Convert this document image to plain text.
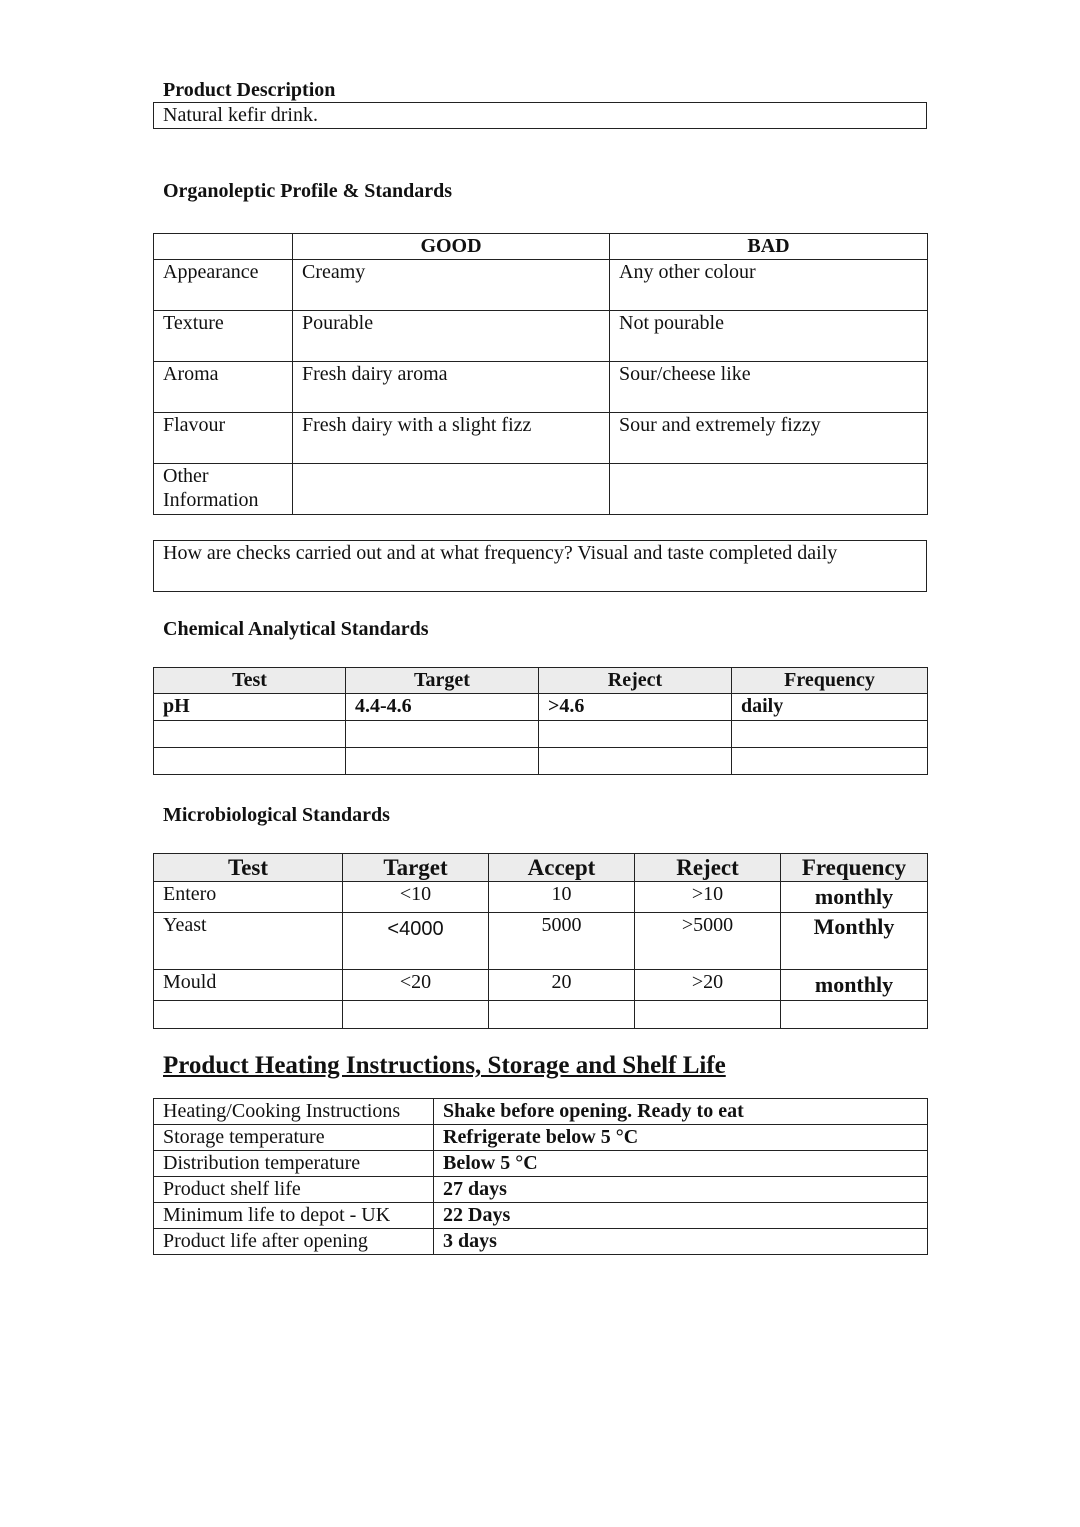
Product Description
Natural kefir drink.
Organoleptic Profile & Standards
	GOOD	BAD
Appearance	Creamy	Any other colour
Texture	Pourable	Not pourable
Aroma	Fresh dairy aroma	Sour/cheese like
Flavour	Fresh dairy with a slight fizz	Sour and extremely fizzy
Other Information		
How are checks carried out and at what frequency? Visual and taste completed daily
Chemical Analytical Standards
Test	Target	Reject	Frequency
pH	4.4-4.6	>4.6	daily

Microbiological Standards
Test	Target	Accept	Reject	Frequency
Entero	<10	10	>10	monthly
Yeast	<4000	5000	>5000	Monthly
Mould	<20	20	>20	monthly

Product Heating Instructions, Storage and Shelf Life
Heating/Cooking Instructions	Shake before opening. Ready to eat
Storage temperature	Refrigerate below 5 °C
Distribution temperature	Below 5 °C
Product shelf life	27 days
Minimum life to depot - UK	22 Days
Product life after opening	3 days
